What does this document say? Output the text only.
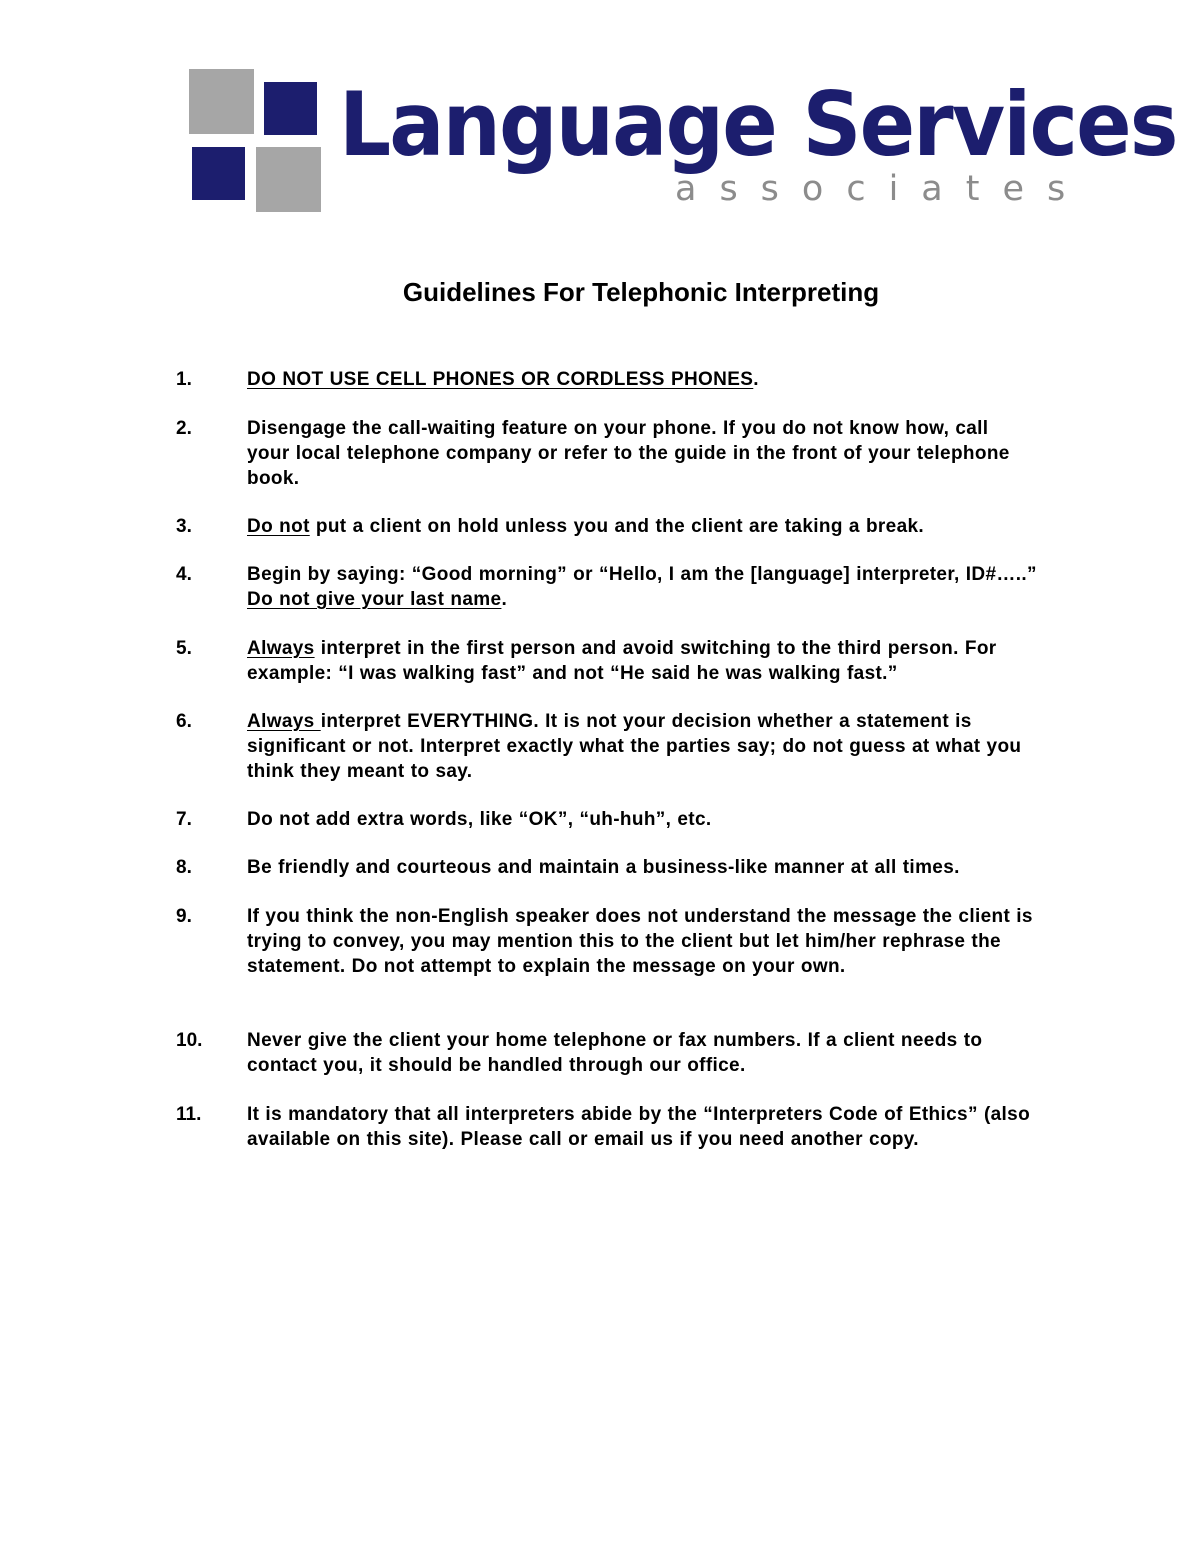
Language Services
associates
Guidelines For Telephonic Interpreting
1.	DO NOT USE CELL PHONES OR CORDLESS PHONES.
2.	Disengage the call-waiting feature on your phone. If you do not know how, call your local telephone company or refer to the guide in the front of your telephone book.
3.	Do not put a client on hold unless you and the client are taking a break.
4.	Begin by saying: “Good morning” or “Hello, I am the [language] interpreter, ID#…..” Do not give your last name.
5.	Always interpret in the first person and avoid switching to the third person. For example: “I was walking fast” and not “He said he was walking fast.”
6.	Always interpret EVERYTHING. It is not your decision whether a statement is significant or not. Interpret exactly what the parties say; do not guess at what you think they meant to say.
7.	Do not add extra words, like “OK”, “uh-huh”, etc.
8.	Be friendly and courteous and maintain a business-like manner at all times.
9.	If you think the non-English speaker does not understand the message the client is trying to convey, you may mention this to the client but let him/her rephrase the statement. Do not attempt to explain the message on your own.
10. Never give the client your home telephone or fax numbers. If a client needs to contact you, it should be handled through our office.
11. It is mandatory that all interpreters abide by the “Interpreters Code of Ethics” (also available on this site). Please call or email us if you need another copy.
